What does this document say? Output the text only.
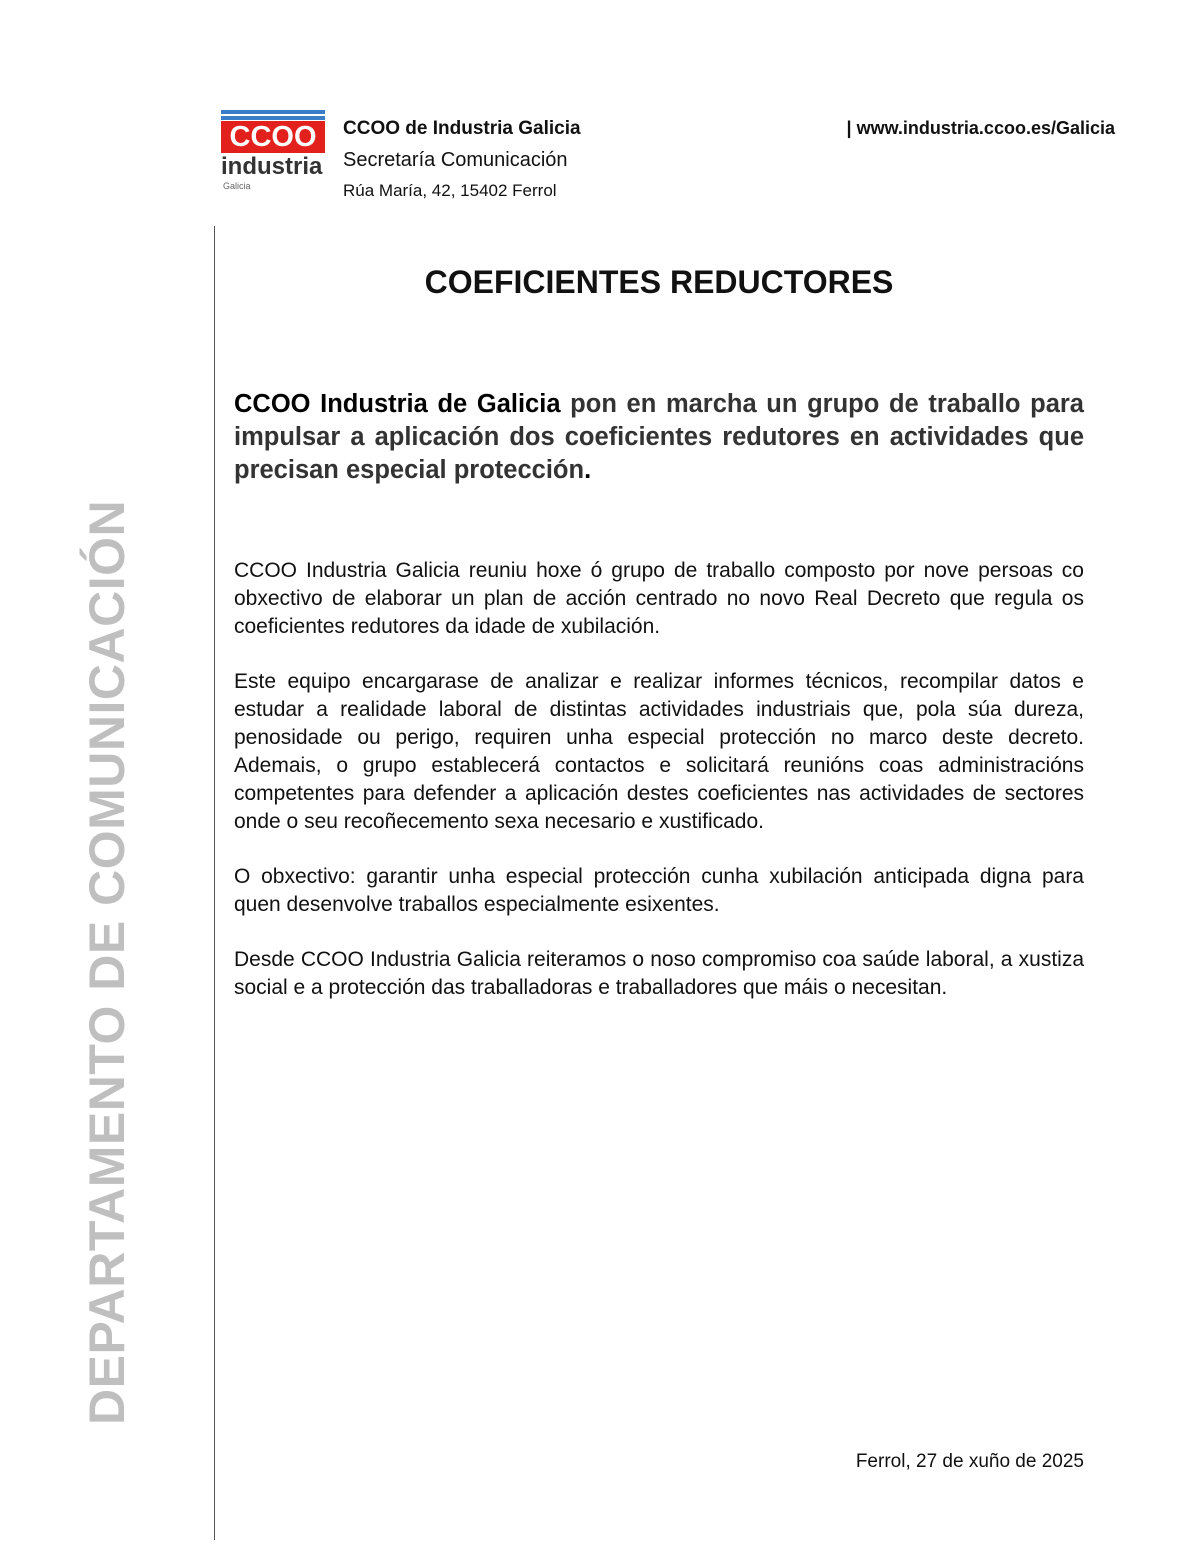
CCOO
industria
Galicia
CCOO de Industria Galicia
Secretaría Comunicación
Rúa María, 42, 15402 Ferrol
| www.industria.ccoo.es/Galicia
DEPARTAMENTO DE COMUNICACIÓN
COEFICIENTES REDUCTORES
CCOO Industria de Galicia pon en marcha un grupo de traballo para impulsar a aplicación dos coeficientes redutores en actividades que precisan especial protección.

CCOO Industria Galicia reuniu hoxe ó grupo de traballo composto por nove persoas co obxectivo de elaborar un plan de acción centrado no novo Real Decreto que regula os coeficientes redutores da idade de xubilación.

Este equipo encargarase de analizar e realizar informes técnicos, recompilar datos e estudar a realidade laboral de distintas actividades industriais que, pola súa dureza, penosidade ou perigo, requiren unha especial protección no marco deste decreto. Ademais, o grupo establecerá contactos e solicitará reunións coas administracións competentes para defender a aplicación destes coeficientes nas actividades de sectores onde o seu recoñecemento sexa necesario e xustificado.

O obxectivo: garantir unha especial protección cunha xubilación anticipada digna para quen desenvolve traballos especialmente esixentes.

Desde CCOO Industria Galicia reiteramos o noso compromiso coa saúde laboral, a xustiza social e a protección das traballadoras e traballadores que máis o necesitan.

Ferrol, 27 de xuño de 2025
